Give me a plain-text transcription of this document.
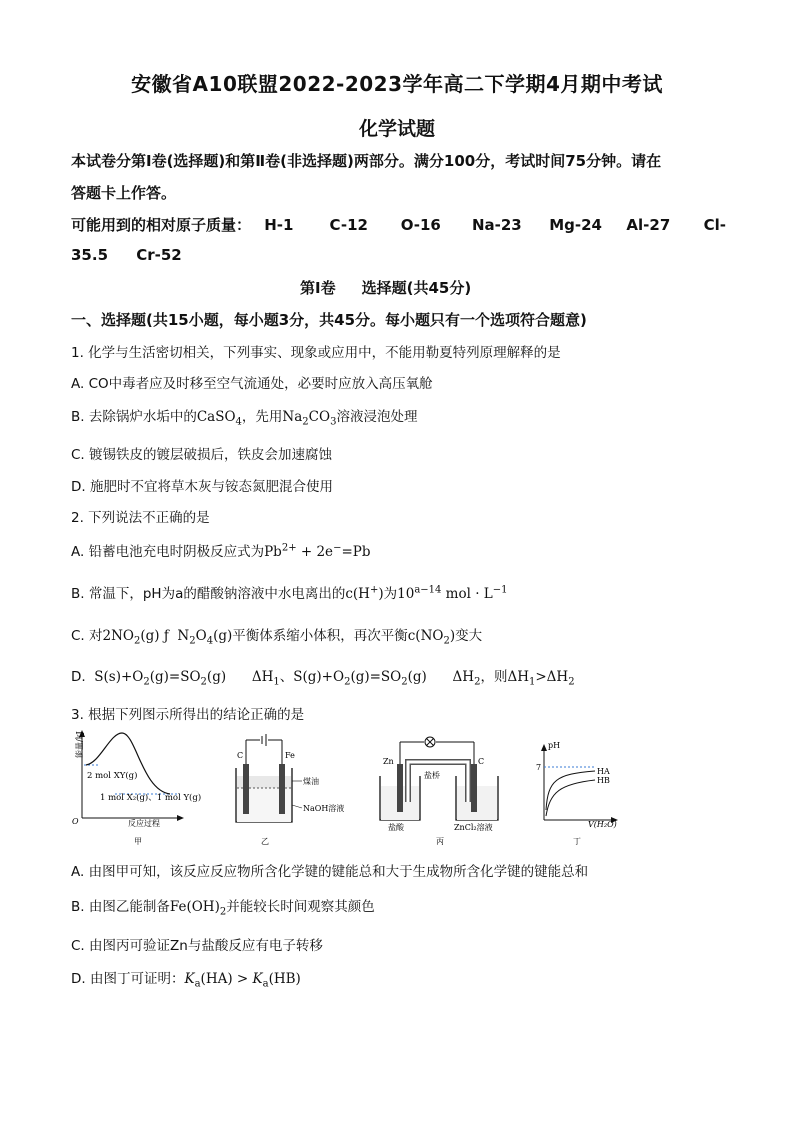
安徽省A10联盟2022-2023学年高二下学期4月期中考试
化学试题
本试卷分第Ⅰ卷(选择题)和第Ⅱ卷(非选择题)两部分。满分100分，考试时间75分钟。请在
答题卡上作答。
可能用到的相对原子质量： H-1 C-12 O-16 Na-23 Mg-24 Al-27 Cl-
35.5 Cr-52
第Ⅰ卷 选择题(共45分)
一、选择题(共15小题，每小题3分，共45分。每小题只有一个选项符合题意)
1. 化学与生活密切相关，下列事实、现象或应用中，不能用勒夏特列原理解释的是
A. CO中毒者应及时移至空气流通处，必要时应放入高压氧舱
B. 去除锅炉水垢中的CaSO$_4$，先用$Na_2CO_3$溶液浸泡处理
C. 镀锡铁皮的镀层破损后，铁皮会加速腐蚀
D. 施肥时不宜将草木灰与铵态氮肥混合使用
2. 下列说法不正确的是
A. 铅蓄电池充电时阴极反应式为$Pb^{2+} + 2e^-=Pb$
B. 常温下，pH为a的醋酸钠溶液中水电离出的c(H+)为$10^{a-14}$ mol · $L^{-1}$
C. 对$2NO_2(g)$ ƒ  $N_2O_4(g)$平衡体系缩小体积，再次平衡$c(NO_2)$变大
D.  $S(s)+O_2(g)=SO_2(g)$      $\Delta H_1$、$S(g)+O_2(g)=SO_2(g)$      $\Delta H_2$，则$\Delta H_1>\Delta H_2$
3. 根据下列图示所得出的结论正确的是
能量/kJ
2 mol XY(g)
1 mol X₂(g)、1 mol Y(g)
O	反应过程
甲
C	Fe
煤油
NaOH溶液
乙
Zn	C
盐桥
盐酸	ZnCl₂溶液
丙
pH
7	HA
HB
V(H₂O)
丁
A. 由图甲可知，该反应反应物所含化学键的键能总和大于生成物所含化学键的键能总和
B. 由图乙能制备$Fe(OH)_2$并能较长时间观察其颜色
C. 由图丙可验证Zn与盐酸反应有电子转移
D. 由图丁可证明：$K_a(HA) > K_a(HB)$
